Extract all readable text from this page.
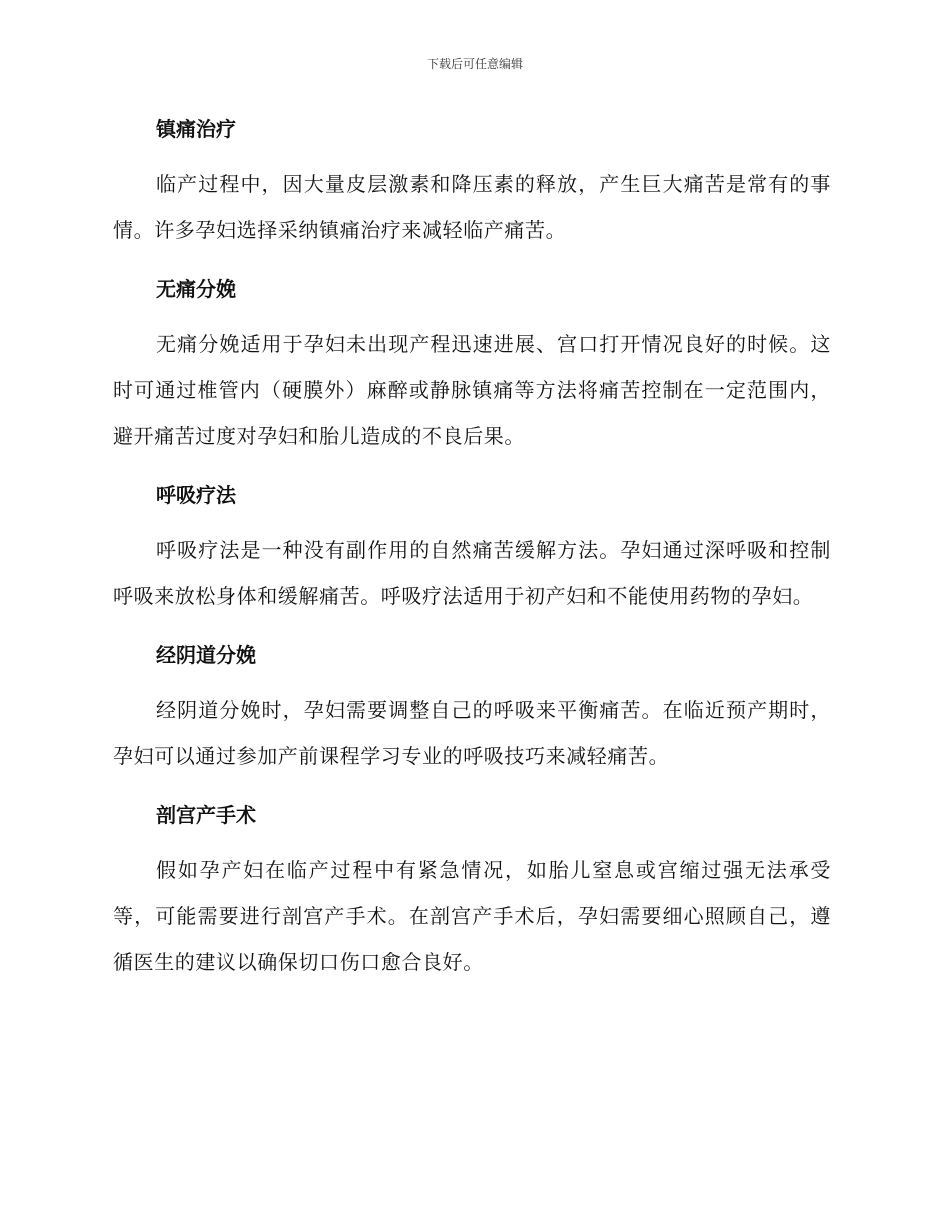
下载后可任意编辑
镇痛治疗

临产过程中，因大量皮层激素和降压素的释放，产生巨大痛苦是常有的事情。许多孕妇选择采纳镇痛治疗来减轻临产痛苦。

无痛分娩

无痛分娩适用于孕妇未出现产程迅速进展、宫口打开情况良好的时候。这时可通过椎管内（硬膜外）麻醉或静脉镇痛等方法将痛苦控制在一定范围内，避开痛苦过度对孕妇和胎儿造成的不良后果。

呼吸疗法

呼吸疗法是一种没有副作用的自然痛苦缓解方法。孕妇通过深呼吸和控制呼吸来放松身体和缓解痛苦。呼吸疗法适用于初产妇和不能使用药物的孕妇。

经阴道分娩

经阴道分娩时，孕妇需要调整自己的呼吸来平衡痛苦。在临近预产期时，孕妇可以通过参加产前课程学习专业的呼吸技巧来减轻痛苦。

剖宫产手术

假如孕产妇在临产过程中有紧急情况，如胎儿窒息或宫缩过强无法承受等，可能需要进行剖宫产手术。在剖宫产手术后，孕妇需要细心照顾自己，遵循医生的建议以确保切口伤口愈合良好。
